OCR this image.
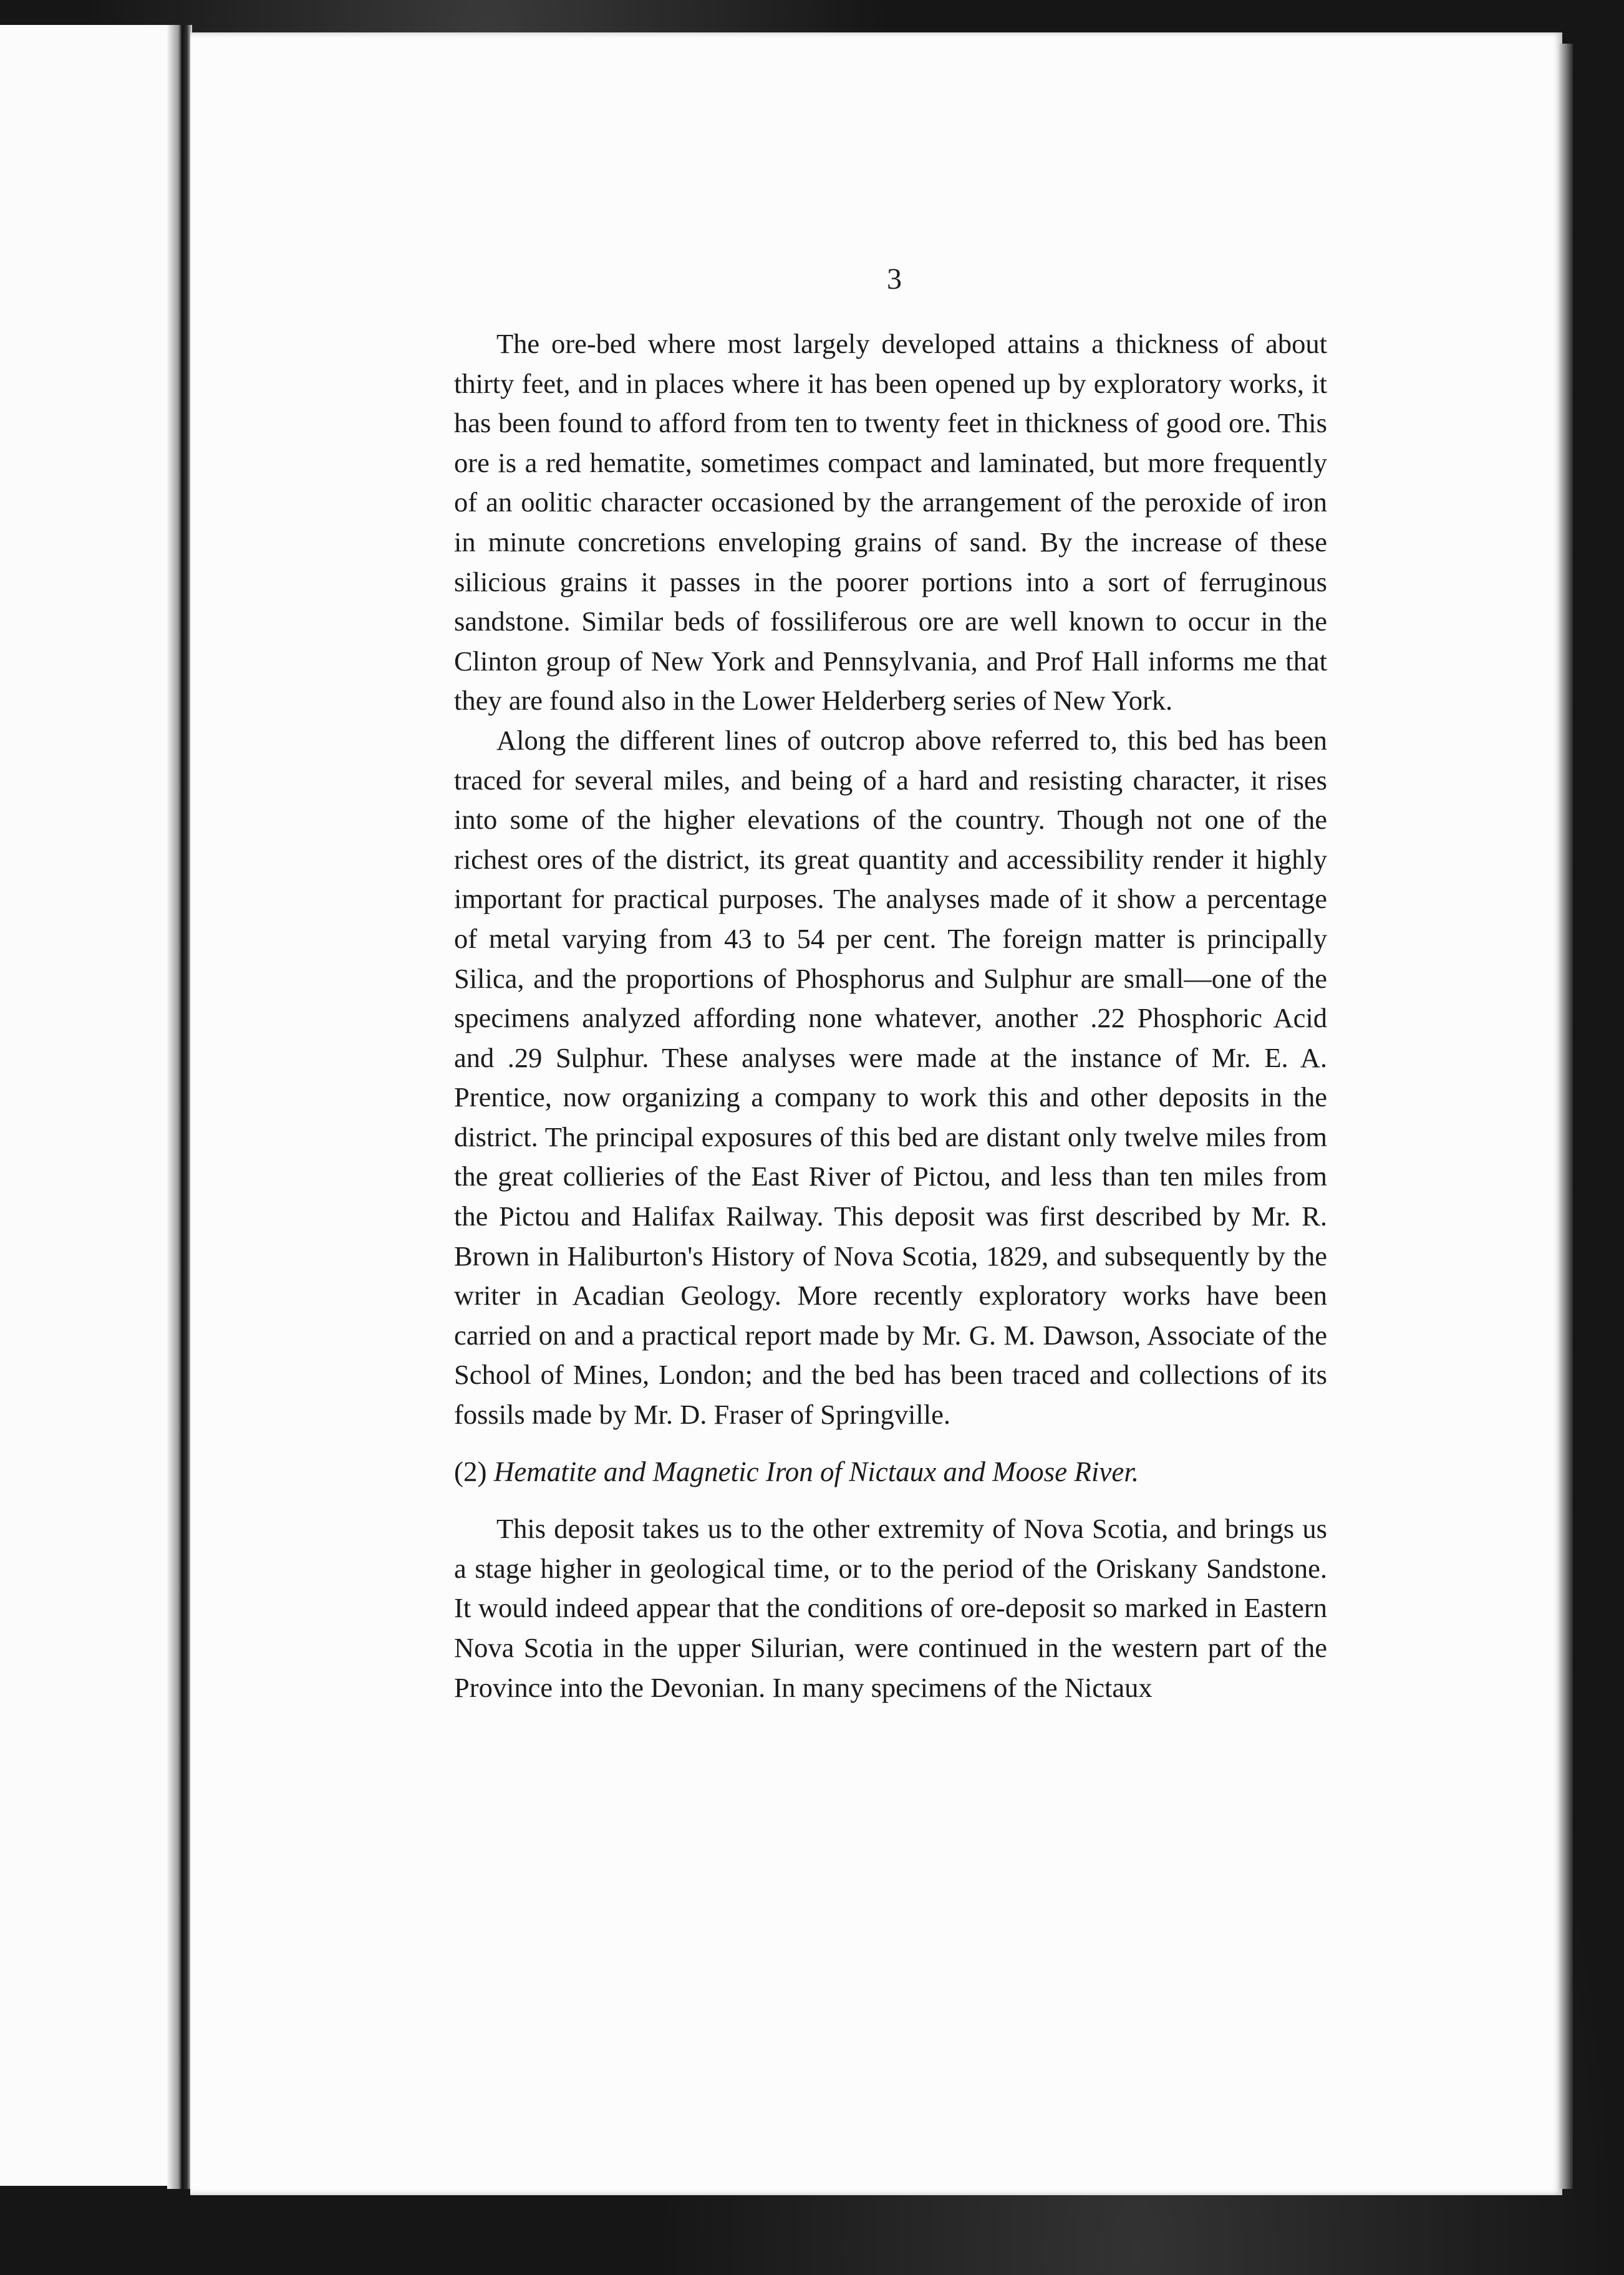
3

The ore-bed where most largely developed attains a thickness of about thirty feet, and in places where it has been opened up by exploratory works, it has been found to afford from ten to twenty feet in thickness of good ore. This ore is a red hematite, sometimes compact and laminated, but more frequently of an oolitic character occasioned by the arrangement of the peroxide of iron in minute concretions enveloping grains of sand. By the increase of these silicious grains it passes in the poorer portions into a sort of ferruginous sandstone. Similar beds of fossiliferous ore are well known to occur in the Clinton group of New York and Pennsylvania, and Prof Hall informs me that they are found also in the Lower Helderberg series of New York.

Along the different lines of outcrop above referred to, this bed has been traced for several miles, and being of a hard and resisting character, it rises into some of the higher elevations of the country. Though not one of the richest ores of the district, its great quantity and accessibility render it highly important for practical purposes. The analyses made of it show a percentage of metal varying from 43 to 54 per cent. The foreign matter is principally Silica, and the proportions of Phosphorus and Sulphur are small—one of the specimens analyzed affording none whatever, another .22 Phosphoric Acid and .29 Sulphur. These analyses were made at the instance of Mr. E. A. Prentice, now organizing a company to work this and other deposits in the district. The principal exposures of this bed are distant only twelve miles from the great collieries of the East River of Pictou, and less than ten miles from the Pictou and Halifax Railway. This deposit was first described by Mr. R. Brown in Haliburton's History of Nova Scotia, 1829, and subsequently by the writer in Acadian Geology. More recently exploratory works have been carried on and a practical report made by Mr. G. M. Dawson, Associate of the School of Mines, London; and the bed has been traced and collections of its fossils made by Mr. D. Fraser of Springville.

(2) Hematite and Magnetic Iron of Nictaux and Moose River.

This deposit takes us to the other extremity of Nova Scotia, and brings us a stage higher in geological time, or to the period of the Oriskany Sandstone. It would indeed appear that the conditions of ore-deposit so marked in Eastern Nova Scotia in the upper Silurian, were continued in the western part of the Province into the Devonian. In many specimens of the Nictaux
